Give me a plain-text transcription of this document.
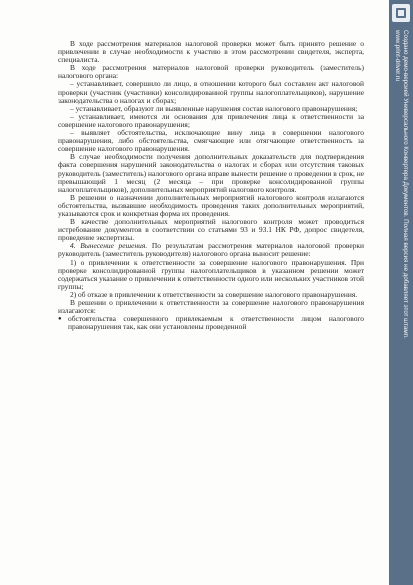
В ходе рассмотрения материалов налоговой проверки может быть принято решение о привлечении в случае необходимости к участию в этом рассмотрении свидетеля, эксперта, специалиста.

В ходе рассмотрения материалов налоговой проверки руководитель (заместитель) налогового органа:

– устанавливает, совершило ли лицо, в отношении которого был составлен акт налоговой проверки (участник (участники) консолидированной группы налогоплательщиков), нарушение законодательства о налогах и сборах;

– устанавливает, образуют ли выявленные нарушения состав налогового правонарушения;

– устанавливает, имеются ли основания для привлечения лица к ответственности за совершение налогового правонарушения;

– выявляет обстоятельства, исключающие вину лица в совершении налогового правонарушения, либо обстоятельства, смягчающие или отягчающие ответственность за совершение налогового правонарушения.

В случае необходимости получения дополнительных доказательств для подтверждения факта совершения нарушений законодательства о налогах и сборах или отсутствия таковых руководитель (заместитель) налогового органа вправе вынести решение о проведении в срок, не превышающий 1 месяц (2 месяца – при проверке консолидированной группы налогоплательщиков), дополнительных мероприятий налогового контроля.

В решении о назначении дополнительных мероприятий налогового контроля излагаются обстоятельства, вызвавшие необходимость проведения таких дополнительных мероприятий, указываются срок и конкретная форма их проведения.

В качестве дополнительных мероприятий налогового контроля может проводиться истребование документов в соответствии со статьями 93 и 93.1 НК РФ, допрос свидетеля, проведение экспертизы.

4. Вынесение решения. По результатам рассмотрения материалов налоговой проверки руководитель (заместитель руководителя) налогового органа выносит решение:

1) о привлечении к ответственности за совершение налогового правонарушения. При проверке консолидированной группы налогоплательщиков в указанном решении может содержаться указание о привлечении к ответственности одного или нескольких участников этой группы;

2) об отказе в привлечении к ответственности за совершение налогового правонарушения.

В решении о привлечении к ответственности за совершение налогового правонарушения излагаются:

● обстоятельства совершенного привлекаемым к ответственности лицом налогового правонарушения так, как они установлены проведенной	Создано демо-версией Универсального Конвертера Документов. Полная версия не добавляет этот штамп.
www.print-driver.ru
